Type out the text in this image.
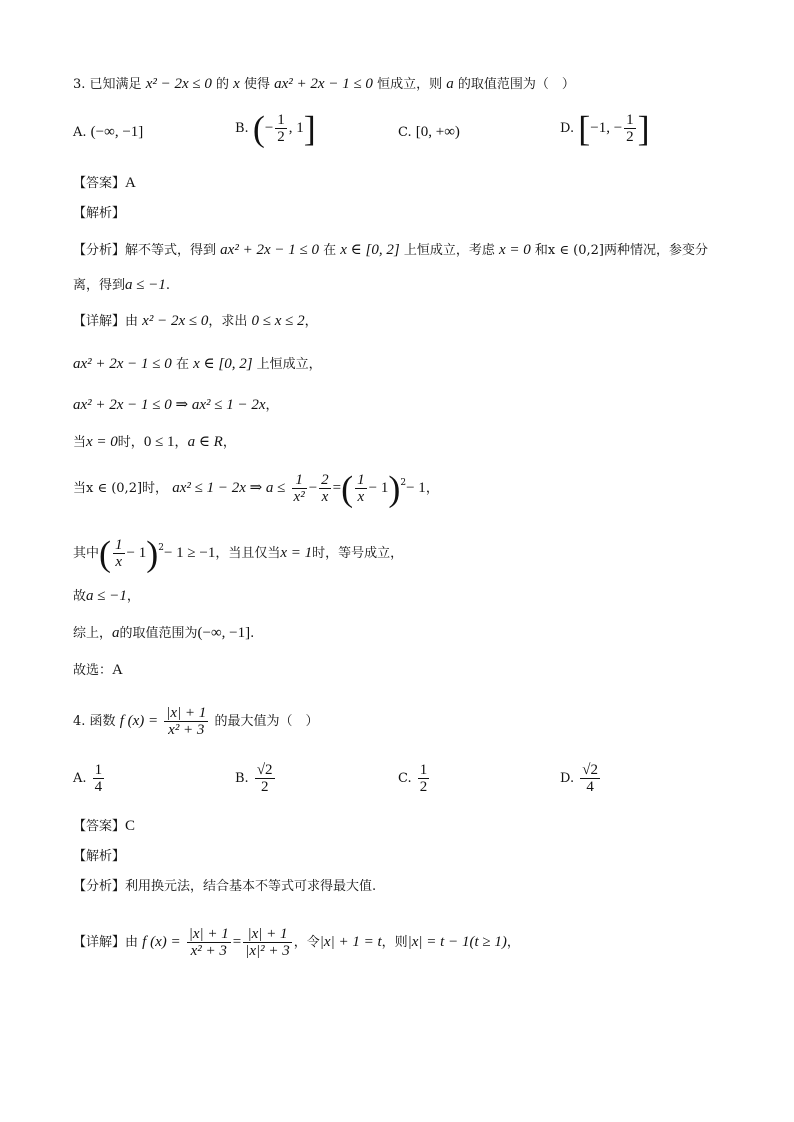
3. 已知满足 x² − 2x ≤ 0 的 x 使得 ax² + 2x − 1 ≤ 0 恒成立，则 a 的取值范围为（　）
A. (−∞, −1]	B. (− $\frac{1}{2}$ , 1]	C. [0, +∞)	D. [−1, − $\frac{1}{2}$ ]
【答案】A
【解析】
【分析】解不等式，得到 ax² + 2x − 1 ≤ 0 在 x ∈ [0, 2] 上恒成立，考虑 x = 0 和x ∈ (0,2]两种情况，参变分
离，得到a ≤ −1.
【详解】由 x² − 2x ≤ 0，求出 0 ≤ x ≤ 2，
ax² + 2x − 1 ≤ 0 在 x ∈ [0, 2] 上恒成立，
ax² + 2x − 1 ≤ 0 ⇒ ax² ≤ 1 − 2x，
当x = 0时，0 ≤ 1，a ∈ R，
当x ∈ (0,2]时， ax² ≤ 1 − 2x ⇒ $a \le \frac{1}{\text{x²}} - \frac{2}{x}$ =( $\frac{1}{x} - 1)^2- 1$，
其中( $\frac{1}{x} - 1)^2- 1 \ge -1$，当且仅当x = 1时，等号成立，
故a ≤ −1，
综上，a的取值范围为(−∞, −1].
故选：A
4. 函数 f $(x) = \frac{|x| + 1}{\text{x² + 3}}$ 的最大值为（　）
A. $\frac{1}{4}$	B. $\frac{√2}{2}$	C. $\frac{1}{2}$	D. $\frac{√2}{4}$
【答案】C
【解析】
【分析】利用换元法，结合基本不等式可求得最大值.
【详解】由 f $(x) = \frac{|x| + 1}{\text{x² + 3}} = \frac{|x| + 1}{\text{|x|² + 3}}$ ，令|x| + 1 = t，则|x| = t − 1(t ≥ 1)，
